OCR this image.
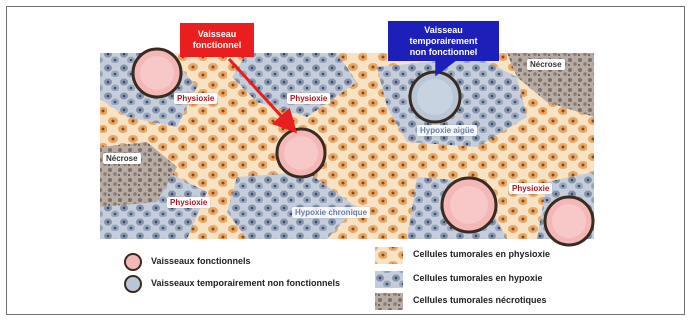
Vaisseau
fonctionnel
Vaisseau
temporairement
non fonctionnel
Physioxie	Physioxie
Physioxie
Physioxie
Nécrose
Nécrose
Hypoxie aigüe
Hypoxie chronique
Vaisseaux fonctionnels
Vaisseaux temporairement non fonctionnels
Cellules tumorales en physioxie
Cellules tumorales en hypoxie
Cellules tumorales nécrotiques
